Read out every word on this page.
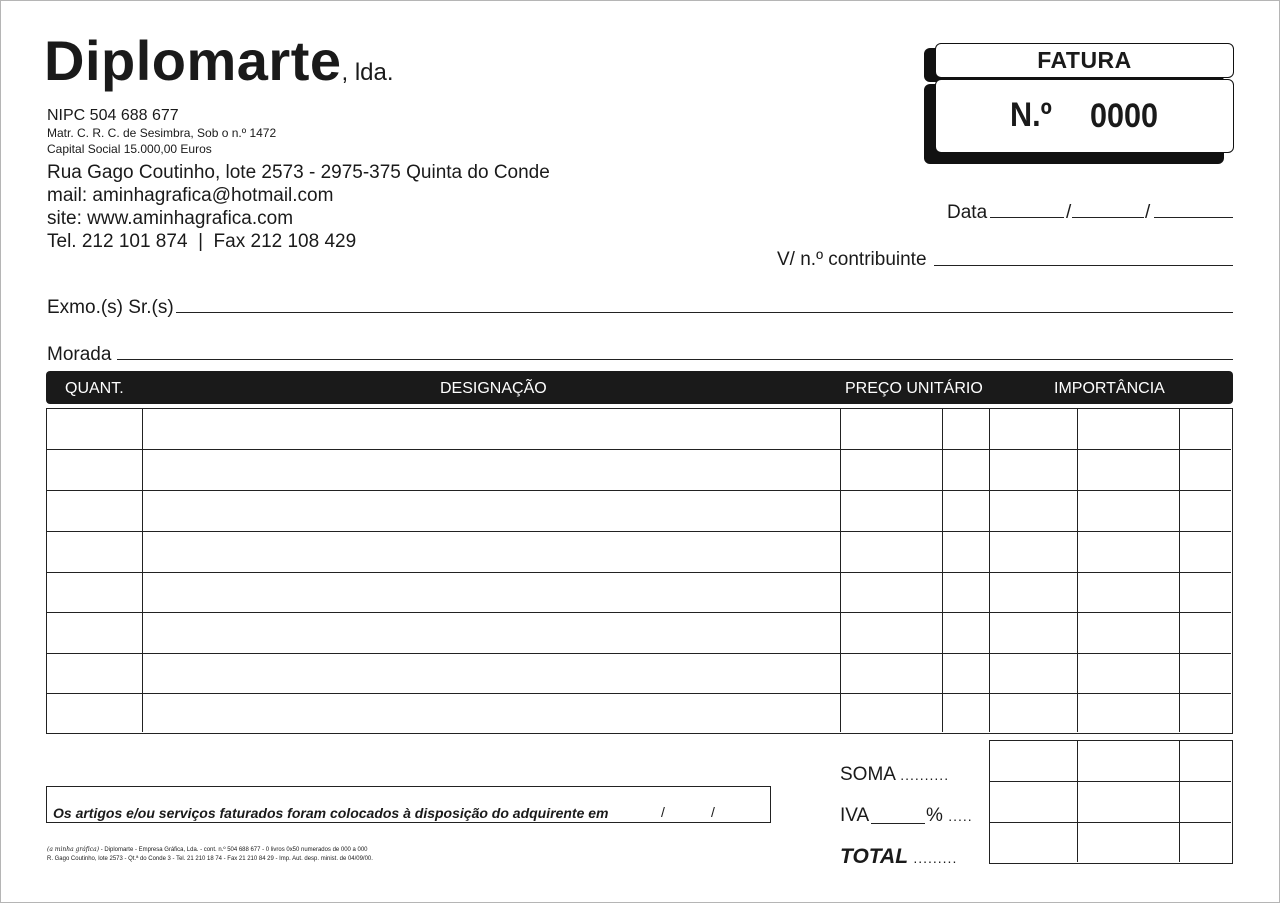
Diplomarte, lda.
NIPC 504 688 677
Matr. C. R. C. de Sesimbra, Sob o n.º 1472
Capital Social 15.000,00 Euros
Rua Gago Coutinho, lote 2573 - 2975-375 Quinta do Conde
mail: aminhagrafica@hotmail.com
site: www.aminhagrafica.com
Tel. 212 101 874  |  Fax 212 108 429
FATURA
N.º 0000
Data	/	/
V/ n.º contribuinte
Exmo.(s) Sr.(s)
Morada
QUANT.	DESIGNAÇÃO	PREÇO UNITÁRIO	IMPORTÂNCIA
SOMA ..........
IVA	% .....
TOTAL .........
Os artigos e/ou serviços faturados foram colocados à disposição do adquirente em	/	/
(a minha gráfica) - Diplomarte - Empresa Gráfica, Lda. - cont. n.º 504 688 677 - 0 livros 0x50 numerados de 000 a 000
R. Gago Coutinho, lote 2573 - Qt.ª do Conde 3 - Tel. 21 210 18 74 - Fax 21 210 84 29 - Imp. Aut. desp. minist. de 04/09/00.
